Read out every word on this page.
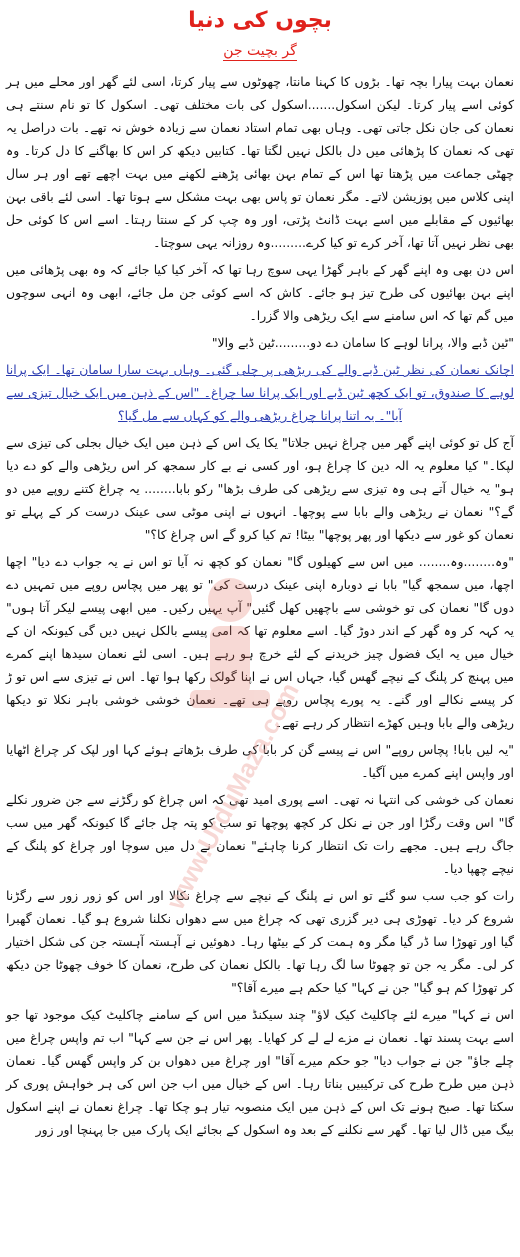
بچوں کی دنیا
گر بچیت جن

نعمان بہت پیارا بچہ تھا۔ بڑوں کا کہنا مانتا، چھوٹوں سے پیار کرتا، اسی لئے گھر اور محلے میں ہر کوئی اسے پیار کرتا۔ لیکن اسکول.......اسکول کی بات مختلف تھی۔ اسکول کا تو نام سنتے ہی نعمان کی جان نکل جاتی تھی۔ وہاں بھی تمام استاد نعمان سے زیادہ خوش نہ تھے۔ بات دراصل یہ تھی کہ نعمان کا پڑھائی میں دل بالکل نہیں لگتا تھا۔ کتابیں دیکھ کر اس کا بھاگنے کا دل کرتا۔ وہ چھٹی جماعت میں پڑھتا تھا اس کے تمام بہن بھائی پڑھنے لکھنے میں بہت اچھے تھے اور ہر سال اپنی کلاس میں پوزیشن لاتے۔ مگر نعمان تو پاس بھی بہت مشکل سے ہوتا تھا۔ اسی لئے باقی بہن بھائیوں کے مقابلے میں اسے بہت ڈانٹ پڑتی، اور وہ چپ کر کے سنتا رہتا۔ اسے اس کا کوئی حل بھی نظر نہیں آتا تھا، آخر کرے تو کیا کرے.........وہ روزانہ یہی سوچتا۔

اس دن بھی وہ اپنے گھر کے باہر گھڑا یہی سوچ رہا تھا کہ آخر کیا کیا جائے کہ وہ بھی پڑھائی میں اپنے بہن بھائیوں کی طرح تیز ہو جائے۔ کاش کہ اسے کوئی جن مل جائے، ابھی وہ انہی سوچوں میں گم تھا کہ اس سامنے سے ایک ریڑھی والا گزرا۔

"ٹین ڈبے والا، پرانا لوہے کا سامان دے دو.........ٹین ڈبے والا"

اچانک نعمان کی نظر ٹین ڈبے والے کی ریڑھی پر چلی گئی۔ وہاں بہت سارا سامان تھا۔ ایک پرانا لوہے کا صندوق، تو ایک کچھ ٹین ڈبے اور ایک پرانا سا چراغ۔ "اس کے ذہن میں ایک خیال تیزی سے آیا"۔ یہ اتنا پرانا چراغ ریڑھی والے کو کہاں سے مل گیا؟

آج کل تو کوئی اپنے گھر میں چراغ نہیں جلاتا" یکا یک اس کے ذہن میں ایک خیال بجلی کی تیزی سے لپکا۔" کیا معلوم یہ الہ دین کا چراغ ہو، اور کسی نے بے کار سمجھ کر اس ریڑھی والے کو دے دیا ہو" یہ خیال آتے ہی وہ تیزی سے ریڑھی کی طرف بڑھا" رکو بابا........ یہ چراغ کتنے روپے میں دو گے؟" نعمان نے ریڑھی والے بابا سے پوچھا۔ انہوں نے اپنی موٹی سی عینک درست کر کے پہلے تو نعمان کو غور سے دیکھا اور پھر پوچھا" بیٹا! تم کیا کرو گے اس چراغ کا؟"

"وہ........وہ........ میں اس سے کھیلوں گا" نعمان کو کچھ نہ آیا تو اس نے یہ جواب دے دیا" اچھا اچھا، میں سمجھ گیا" بابا نے دوبارہ اپنی عینک درست کی" تو پھر میں پچاس روپے میں تمہیں دے دوں گا" نعمان کی تو خوشی سے باچھیں کھل گئیں" آپ یہیں رکیں۔ میں ابھی پیسے لیکر آتا ہوں" یہ کہہ کر وہ گھر کے اندر دوڑ گیا۔ اسے معلوم تھا کہ امی پیسے بالکل نہیں دیں گی کیونکہ ان کے خیال میں یہ ایک فضول چیز خریدنے کے لئے خرچ ہو رہے ہیں۔ اسی لئے نعمان سیدھا اپنے کمرے میں پہنچ کر پلنگ کے نیچے گھس گیا، جہاں اس نے اپنا گولک رکھا ہوا تھا۔ اس نے تیزی سے اس تو ڑ کر پیسے نکالے اور گنے۔ یہ پورے پچاس روپے ہی تھے۔ نعمان خوشی خوشی باہر نکلا تو دیکھا ریڑھی والے بابا وہیں کھڑے انتظار کر رہے تھے۔

"یہ لیں بابا! پچاس روپے" اس نے پیسے گن کر بابا کی طرف بڑھاتے ہوئے کہا اور لپک کر چراغ اٹھایا اور واپس اپنے کمرے میں آگیا۔

نعمان کی خوشی کی انتہا نہ تھی۔ اسے پوری امید تھی کہ اس چراغ کو رگڑنے سے جن ضرور نکلے گا" اس وقت رگڑا اور جن نے نکل کر کچھ پوچھا تو سب کو پتہ چل جائے گا کیونکہ گھر میں سب جاگ رہے ہیں۔ مجھے رات تک انتظار کرنا چاہئے" نعمان نے دل میں سوچا اور چراغ کو پلنگ کے نیچے چھپا دیا۔

رات کو جب سب سو گئے تو اس نے پلنگ کے نیچے سے چراغ نکالا اور اس کو زور زور سے رگڑنا شروع کر دیا۔ تھوڑی ہی دیر گزری تھی کہ چراغ میں سے دھواں نکلنا شروع ہو گیا۔ نعمان گھبرا گیا اور تھوڑا سا ڈر گیا مگر وہ ہمت کر کے بیٹھا رہا۔ دھوئیں نے آہستہ آہستہ جن کی شکل اختیار کر لی۔ مگر یہ جن تو چھوٹا سا لگ رہا تھا۔ بالکل نعمان کی طرح، نعمان کا خوف چھوٹا جن دیکھ کر تھوڑا کم ہو گیا" جن نے کہا" کیا حکم ہے میرے آقا؟"

اس نے کہا" میرے لئے چاکلیٹ کیک لاؤ" چند سیکنڈ میں اس کے سامنے چاکلیٹ کیک موجود تھا جو اسے بہت پسند تھا۔ نعمان نے مزے لے لے کر کھایا۔ پھر اس نے جن سے کہا" اب تم واپس چراغ میں چلے جاؤ" جن نے جواب دیا" جو حکم میرے آقا" اور چراغ میں دھواں بن کر واپس گھس گیا۔ نعمان ذہن میں طرح طرح کی ترکیبیں بناتا رہا۔ اس کے خیال میں اب جن اس کی ہر خواہش پوری کر سکتا تھا۔ صبح ہونے تک اس کے ذہن میں ایک منصوبہ تیار ہو چکا تھا۔ چراغ نعمان نے اپنے اسکول بیگ میں ڈال لیا تھا۔ گھر سے نکلنے کے بعد وہ اسکول کے بجائے ایک پارک میں جا پہنچا اور زور

www.UrduMaza.com
